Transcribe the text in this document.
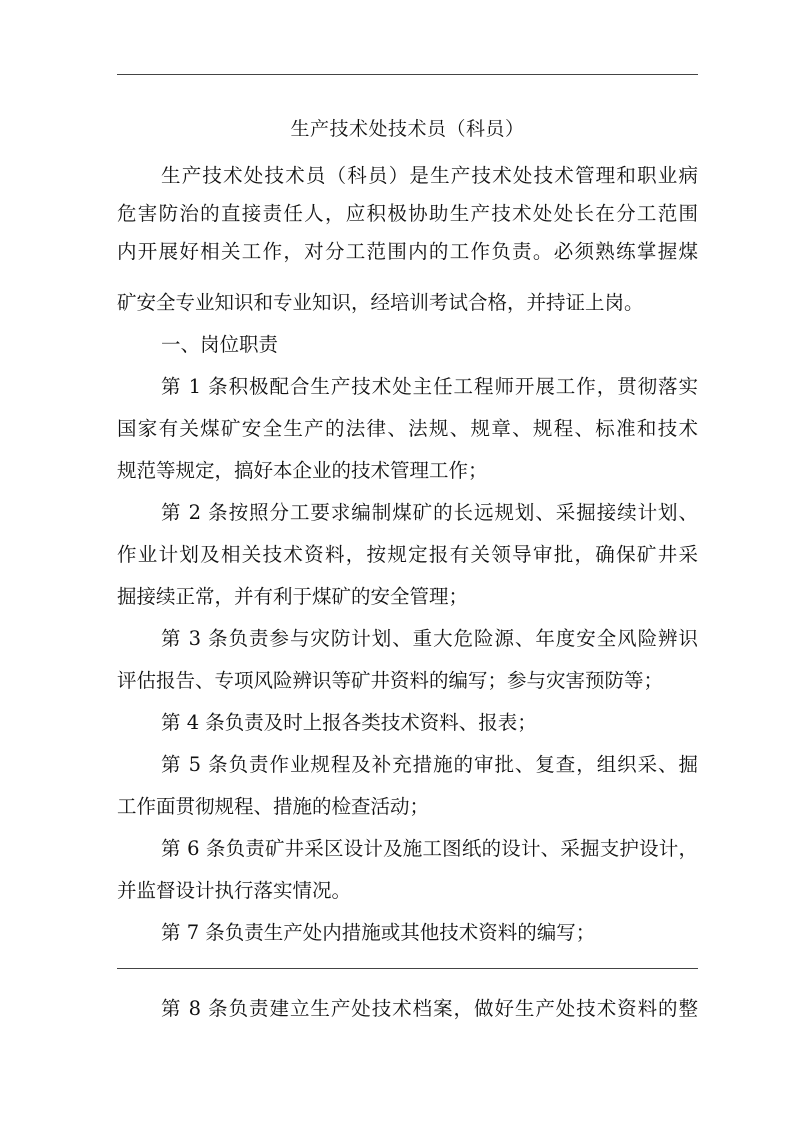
生产技术处技术员（科员）
生产技术处技术员（科员）是生产技术处技术管理和职业病
危害防治的直接责任人，应积极协助生产技术处处长在分工范围
内开展好相关工作，对分工范围内的工作负责。必须熟练掌握煤
矿安全专业知识和专业知识，经培训考试合格，并持证上岗。
一、岗位职责
第 1 条积极配合生产技术处主任工程师开展工作，贯彻落实
国家有关煤矿安全生产的法律、法规、规章、规程、标准和技术
规范等规定，搞好本企业的技术管理工作；
第 2 条按照分工要求编制煤矿的长远规划、采掘接续计划、
作业计划及相关技术资料，按规定报有关领导审批，确保矿井采
掘接续正常，并有利于煤矿的安全管理；
第 3 条负责参与灾防计划、重大危险源、年度安全风险辨识
评估报告、专项风险辨识等矿井资料的编写；参与灾害预防等；
第 4 条负责及时上报各类技术资料、报表；
第 5 条负责作业规程及补充措施的审批、复查，组织采、掘
工作面贯彻规程、措施的检查活动；
第 6 条负责矿井采区设计及施工图纸的设计、采掘支护设计，
并监督设计执行落实情况。
第 7 条负责生产处内措施或其他技术资料的编写；
第 8 条负责建立生产处技术档案，做好生产处技术资料的整
